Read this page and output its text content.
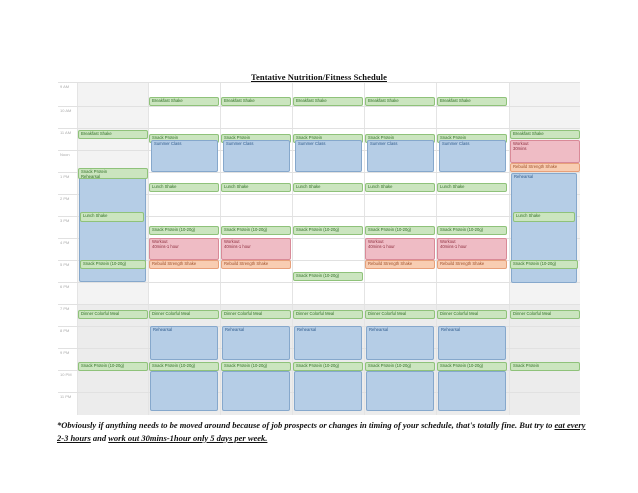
Tentative Nutrition/Fitness Schedule
9 AM
10 AM
11 AM
Noon
1 PM
2 PM
3 PM
4 PM
5 PM
6 PM
7 PM
8 PM
9 PM
10 PM
11 PM
Breakfast Shake
Snack Protein
Rehearsal
Lunch Shake
Snack Protein (10-20g)
Dinner Colorful Meal
Snack Protein (10-20g)
Breakfast Shake
Snack Protein
Summer Class
Lunch Shake
Snack Protein (10-20g)
Workout
40mins-1 hour
Rebuild Strength Shake
Dinner Colorful Meal
Rehearsal
Snack Protein (10-20g)
Breakfast Shake
Snack Protein
Summer Class
Lunch Shake
Snack Protein (10-20g)
Workout
40mins-1 hour
Rebuild Strength Shake
Dinner Colorful Meal
Rehearsal
Snack Protein (10-20g)
Breakfast Shake
Snack Protein
Summer Class
Lunch Shake
Snack Protein (10-20g)
Snack Protein (10-20g)
Dinner Colorful Meal
Rehearsal
Snack Protein (10-20g)
Breakfast Shake
Snack Protein
Summer Class
Lunch Shake
Snack Protein (10-20g)
Workout
40mins-1 hour
Rebuild Strength Shake
Dinner Colorful Meal
Rehearsal
Snack Protein (10-20g)
Breakfast Shake
Snack Protein
Summer Class
Lunch Shake
Snack Protein (10-20g)
Workout
40mins-1 hour
Rebuild Strength Shake
Dinner Colorful Meal
Rehearsal
Snack Protein (10-20g)
Breakfast Shake
Workout
30mins
Rebuild Strength Shake
Rehearsal
Lunch Shake
Snack Protein (10-20g)
Dinner Colorful Meal
Snack Protein
*Obviously if anything needs to be moved around because of job prospects or changes in timing of your schedule, that's totally fine. But try to eat every 2-3 hours and work out 30mins-1hour only 5 days per week.
